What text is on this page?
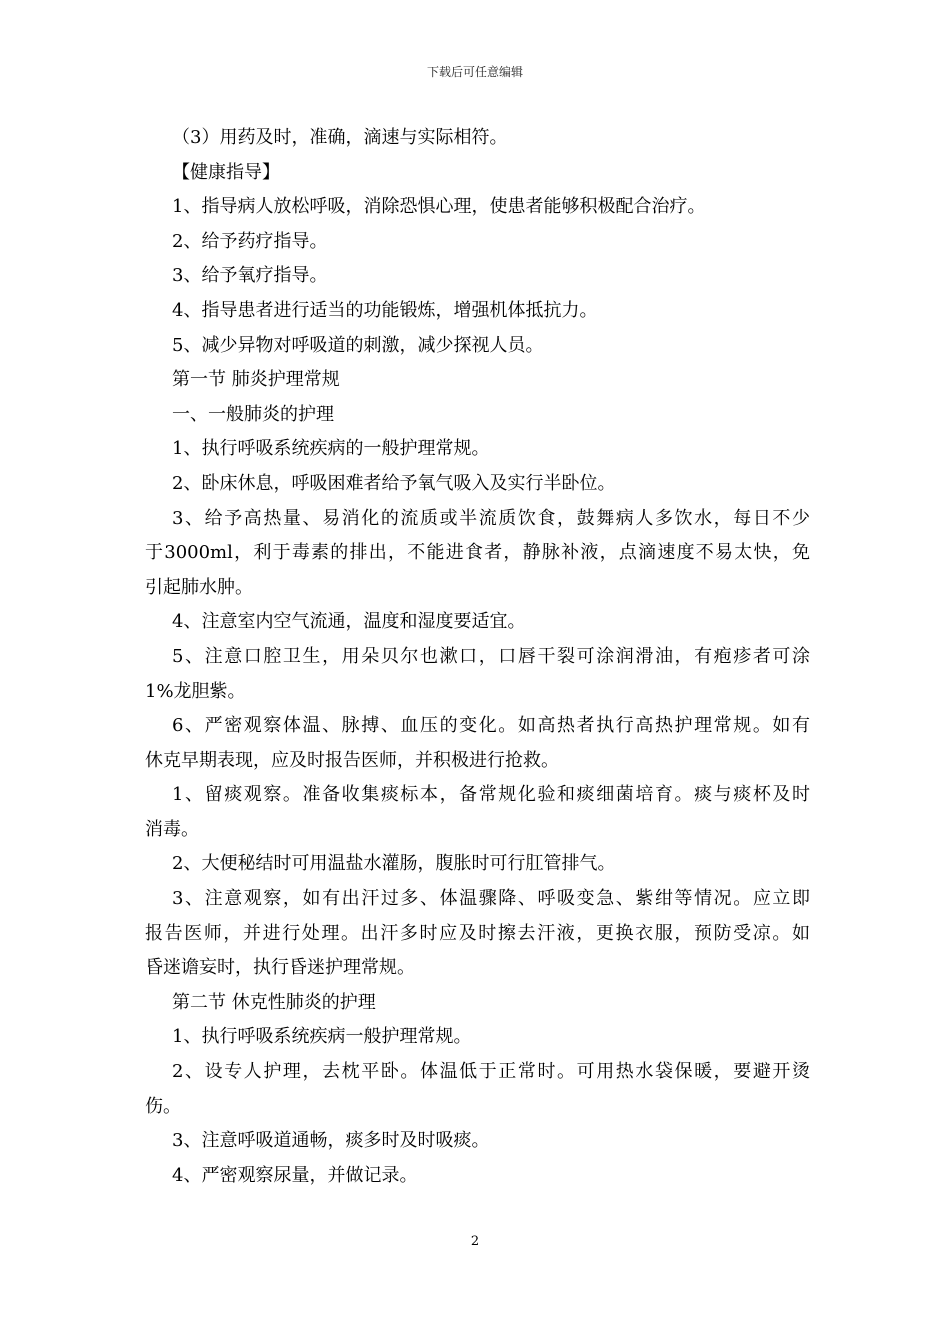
下载后可任意编辑
（3）用药及时，准确，滴速与实际相符。
【健康指导】
1、指导病人放松呼吸，消除恐惧心理，使患者能够积极配合治疗。
2、给予药疗指导。
3、给予氧疗指导。
4、指导患者进行适当的功能锻炼，增强机体抵抗力。
5、减少异物对呼吸道的刺激，减少探视人员。
第一节 肺炎护理常规
一、一般肺炎的护理
1、执行呼吸系统疾病的一般护理常规。
2、卧床休息，呼吸困难者给予氧气吸入及实行半卧位。
3、给予高热量、易消化的流质或半流质饮食，鼓舞病人多饮水，每日不少
于3000ml，利于毒素的排出，不能进食者，静脉补液，点滴速度不易太快，免
引起肺水肿。
4、注意室内空气流通，温度和湿度要适宜。
5、注意口腔卫生，用朵贝尔也漱口，口唇干裂可涂润滑油，有疱疹者可涂
1%龙胆紫。
6、严密观察体温、脉搏、血压的变化。如高热者执行高热护理常规。如有
休克早期表现，应及时报告医师，并积极进行抢救。
1、留痰观察。准备收集痰标本，备常规化验和痰细菌培育。痰与痰杯及时
消毒。
2、大便秘结时可用温盐水灌肠，腹胀时可行肛管排气。
3、注意观察，如有出汗过多、体温骤降、呼吸变急、紫绀等情况。应立即
报告医师，并进行处理。出汗多时应及时擦去汗液，更换衣服，预防受凉。如
昏迷谵妄时，执行昏迷护理常规。
第二节 休克性肺炎的护理
1、执行呼吸系统疾病一般护理常规。
2、设专人护理，去枕平卧。体温低于正常时。可用热水袋保暖，要避开烫
伤。
3、注意呼吸道通畅，痰多时及时吸痰。
4、严密观察尿量，并做记录。
2
